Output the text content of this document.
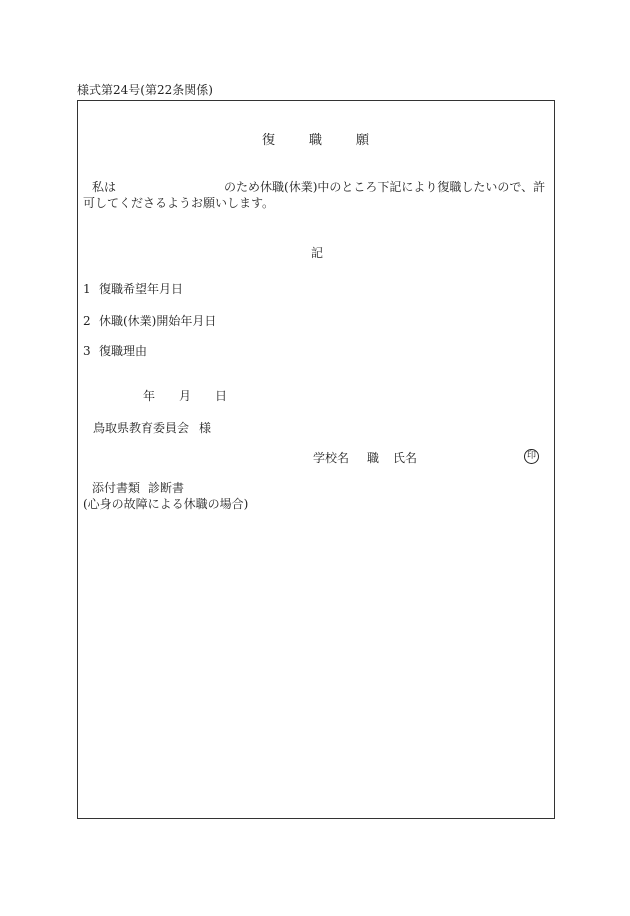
様式第24号(第22条関係)
復	職	願
私は	のため休職(休業)中のところ下記により復職したいので、許
可してくださるようお願いします。
記
1 復職希望年月日
2 休職(休業)開始年月日
3 復職理由
年 月 日
鳥取県教育委員会 様
学校名 職 氏名	印
添付書類 診断書
(心身の故障による休職の場合)
